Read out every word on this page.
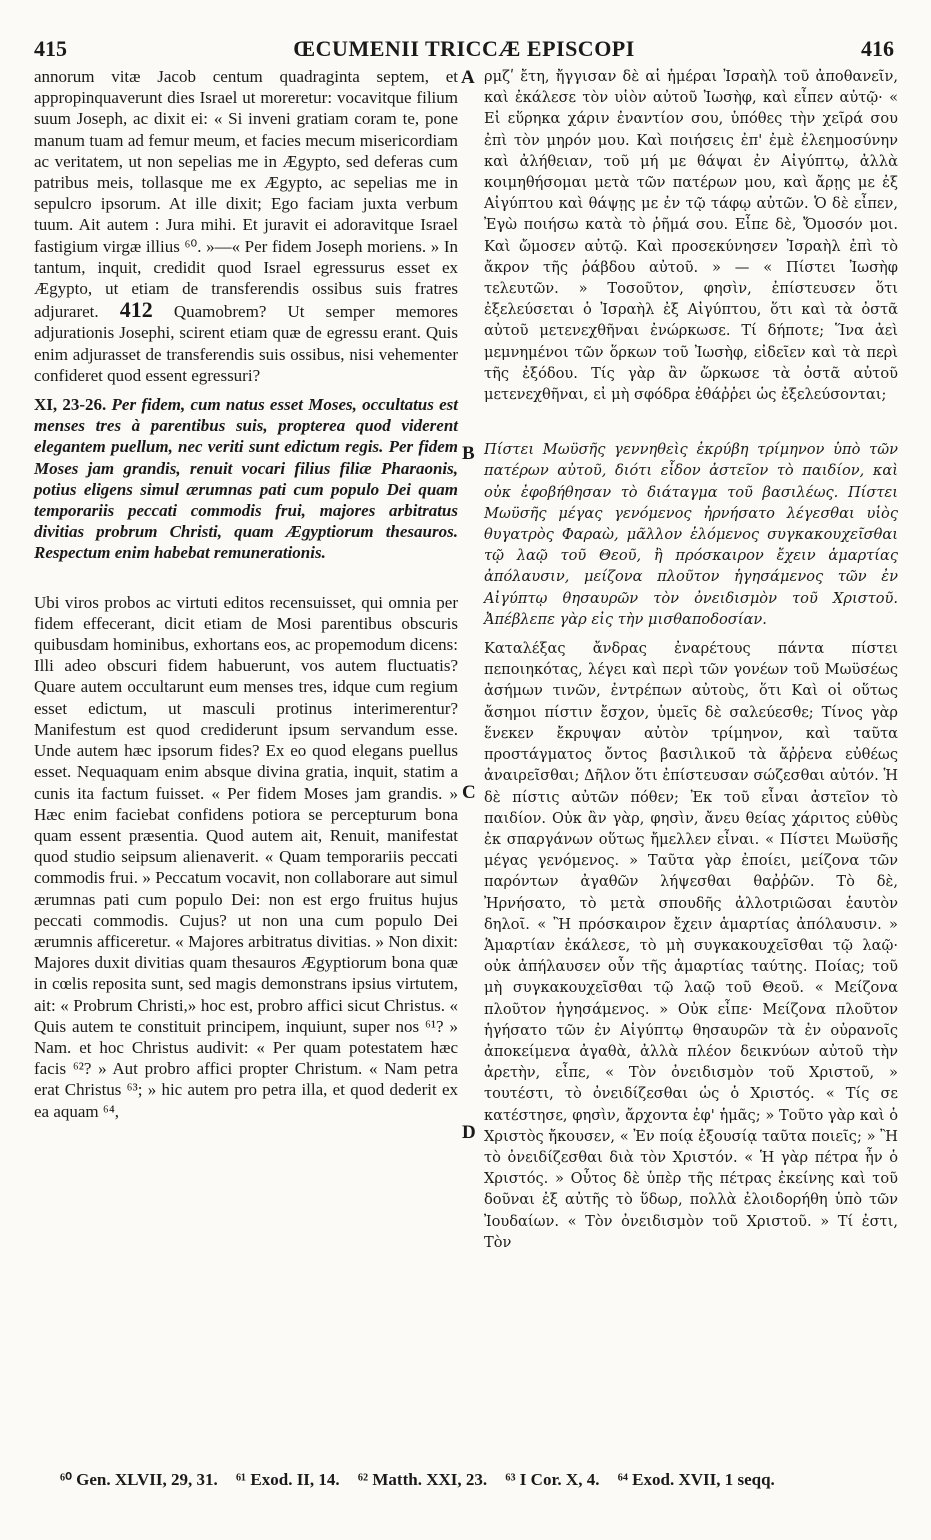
ŒCUMENII TRICCÆ EPISCOPI
415	416

annorum vitæ Jacob centum quadraginta septem, et appropinquaverunt dies Israel ut moreretur: vocavitque filium suum Joseph, ac dixit ei: « Si inveni gratiam coram te, pone manum tuam ad femur meum, et facies mecum misericordiam ac veritatem, ut non sepelias me in Ægypto, sed deferas cum patribus meis, tollasque me ex Ægypto, ac sepelias me in sepulcro ipsorum. At ille dixit; Ego faciam juxta verbum tuum. Ait autem : Jura mihi. Et juravit ei adoravitque Israel fastigium virgæ illius ⁶⁰. »—« Per fidem Joseph moriens. » In tantum, inquit, credidit quod Israel egressurus esset ex Ægypto, ut etiam de transferendis ossibus suis fratres adjuraret. 412 Quamobrem? Ut semper memores adjurationis Josephi, scirent etiam quæ de egressu erant. Quis enim adjurasset de transferendis suis ossibus, nisi vehementer confideret quod essent egressuri?

XI, 23-26. Per fidem, cum natus esset Moses, occultatus est menses tres à parentibus suis, propterea quod viderent elegantem puellum, nec veriti sunt edictum regis. Per fidem Moses jam grandis, renuit vocari filius filiæ Pharaonis, potius eligens simul ærumnas pati cum populo Dei quam temporariis peccati commodis frui, majores arbitratus divitias probrum Christi, quam Ægyptiorum thesauros. Respectum enim habebat remunerationis.

Ubi viros probos ac virtuti editos recensuisset, qui omnia per fidem effecerant, dicit etiam de Mosi parentibus obscuris quibusdam hominibus, exhortans eos, ac propemodum dicens: Illi adeo obscuri fidem habuerunt, vos autem fluctuatis? Quare autem occultarunt eum menses tres, idque cum regium esset edictum, ut masculi protinus interimerentur? Manifestum est quod crediderunt ipsum servandum esse. Unde autem hæc ipsorum fides? Ex eo quod elegans puellus esset. Nequaquam enim absque divina gratia, inquit, statim a cunis ita factum fuisset. « Per fidem Moses jam grandis. » Hæc enim faciebat confidens potiora se percepturum bona quam essent præsentia. Quod autem ait, Renuit, manifestat quod studio seipsum alienaverit. « Quam temporariis peccati commodis frui. » Peccatum vocavit, non collaborare aut simul ærumnas pati cum populo Dei: non est ergo fruitus hujus peccati commodis. Cujus? ut non una cum populo Dei ærumnis afficeretur. « Majores arbitratus divitias. » Non dixit: Majores duxit divitias quam thesauros Ægyptiorum bona quæ in cœlis reposita sunt, sed magis demonstrans ipsius virtutem, ait: « Probrum Christi,» hoc est, probro affici sicut Christus. « Quis autem te constituit principem, inquiunt, super nos ⁶¹? » Nam. et hoc Christus audivit: « Per quam potestatem hæc facis ⁶²? » Aut probro affici propter Christum. « Nam petra erat Christus ⁶³; » hic autem pro petra illa, et quod dederit ex ea aquam ⁶⁴,

A
B
C
D

ρμζʹ ἔτη, ἤγγισαν δὲ αἱ ἡμέραι Ἰσραὴλ τοῦ ἀποθανεῖν, καὶ ἐκάλεσε τὸν υἱὸν αὐτοῦ Ἰωσὴφ, καὶ εἶπεν αὐτῷ· « Εἰ εὕρηκα χάριν ἐναντίον σου, ὑπόθες τὴν χεῖρά σου ἐπὶ τὸν μηρόν μου. Καὶ ποιήσεις ἐπ' ἐμὲ ἐλεημοσύνην καὶ ἀλήθειαν, τοῦ μή με θάψαι ἐν Αἰγύπτῳ, ἀλλὰ κοιμηθήσομαι μετὰ τῶν πατέρων μου, καὶ ἄρῃς με ἐξ Αἰγύπτου καὶ θάψῃς με ἐν τῷ τάφῳ αὐτῶν. Ὁ δὲ εἶπεν, Ἐγὼ ποιήσω κατὰ τὸ ῥῆμά σου. Εἶπε δὲ, Ὄμοσόν μοι. Καὶ ὤμοσεν αὐτῷ. Καὶ προσεκύνησεν Ἰσραὴλ ἐπὶ τὸ ἄκρον τῆς ῥάβδου αὐτοῦ. » — « Πίστει Ἰωσὴφ τελευτῶν. » Τοσοῦτον, φησὶν, ἐπίστευσεν ὅτι ἐξελεύσεται ὁ Ἰσραὴλ ἐξ Αἰγύπτου, ὅτι καὶ τὰ ὀστᾶ αὐτοῦ μετενεχθῆναι ἐνώρκωσε. Τί δήποτε; Ἵνα ἀεὶ μεμνημένοι τῶν ὅρκων τοῦ Ἰωσὴφ, εἰδεῖεν καὶ τὰ περὶ τῆς ἐξόδου. Τίς γὰρ ἂν ὥρκωσε τὰ ὀστᾶ αὐτοῦ μετενεχθῆναι, εἰ μὴ σφόδρα ἐθάῤῥει ὡς ἐξελεύσονται;

Πίστει Μωϋσῆς γεννηθεὶς ἐκρύβη τρίμηνον ὑπὸ τῶν πατέρων αὐτοῦ, διότι εἶδον ἀστεῖον τὸ παιδίον, καὶ οὐκ ἐφοβήθησαν τὸ διάταγμα τοῦ βασιλέως. Πίστει Μωϋσῆς μέγας γενόμενος ἠρνήσατο λέγεσθαι υἱὸς θυγατρὸς Φαραὼ, μᾶλλον ἑλόμενος συγκακουχεῖσθαι τῷ λαῷ τοῦ Θεοῦ, ἢ πρόσκαιρον ἔχειν ἁμαρτίας ἀπόλαυσιν, μείζονα πλοῦτον ἡγησάμενος τῶν ἐν Αἰγύπτῳ θησαυρῶν τὸν ὀνειδισμὸν τοῦ Χριστοῦ. Ἀπέβλεπε γὰρ εἰς τὴν μισθαποδοσίαν.

Καταλέξας ἄνδρας ἐναρέτους πάντα πίστει πεποιηκότας, λέγει καὶ περὶ τῶν γονέων τοῦ Μωϋσέως ἀσήμων τινῶν, ἐντρέπων αὐτοὺς, ὅτι Καὶ οἱ οὕτως ἄσημοι πίστιν ἔσχον, ὑμεῖς δὲ σαλεύεσθε; Τίνος γὰρ ἕνεκεν ἔκρυψαν αὐτὸν τρίμηνον, καὶ ταῦτα προστάγματος ὄντος βασιλικοῦ τὰ ἄῤῥενα εὐθέως ἀναιρεῖσθαι; Δῆλον ὅτι ἐπίστευσαν σώζεσθαι αὐτόν. Ἡ δὲ πίστις αὐτῶν πόθεν; Ἐκ τοῦ εἶναι ἀστεῖον τὸ παιδίον. Οὐκ ἂν γὰρ, φησὶν, ἄνευ θείας χάριτος εὐθὺς ἐκ σπαργάνων οὕτως ἤμελλεν εἶναι. « Πίστει Μωϋσῆς μέγας γενόμενος. » Ταῦτα γὰρ ἐποίει, μείζονα τῶν παρόντων ἀγαθῶν λήψεσθαι θαῤῥῶν. Τὸ δὲ, Ἠρνήσατο, τὸ μετὰ σπουδῆς ἀλλοτριῶσαι ἑαυτὸν δηλοῖ. « Ἢ πρόσκαιρον ἔχειν ἁμαρτίας ἀπόλαυσιν. » Ἁμαρτίαν ἐκάλεσε, τὸ μὴ συγκακουχεῖσθαι τῷ λαῷ· οὐκ ἀπήλαυσεν οὖν τῆς ἁμαρτίας ταύτης. Ποίας; τοῦ μὴ συγκακουχεῖσθαι τῷ λαῷ τοῦ Θεοῦ. « Μείζονα πλοῦτον ἡγησάμενος. » Οὐκ εἶπε· Μείζονα πλοῦτον ἡγήσατο τῶν ἐν Αἰγύπτῳ θησαυρῶν τὰ ἐν οὐρανοῖς ἀποκείμενα ἀγαθὰ, ἀλλὰ πλέον δεικνύων αὐτοῦ τὴν ἀρετὴν, εἶπε, « Τὸν ὀνειδισμὸν τοῦ Χριστοῦ, » τουτέστι, τὸ ὀνειδίζεσθαι ὡς ὁ Χριστός. « Τίς σε κατέστησε, φησὶν, ἄρχοντα ἐφ' ἡμᾶς; » Τοῦτο γὰρ καὶ ὁ Χριστὸς ἤκουσεν, « Ἐν ποίᾳ ἐξουσίᾳ ταῦτα ποιεῖς; » Ἢ τὸ ὀνειδίζεσθαι διὰ τὸν Χριστόν. « Ἡ γὰρ πέτρα ἦν ὁ Χριστός. » Οὗτος δὲ ὑπὲρ τῆς πέτρας ἐκείνης καὶ τοῦ δοῦναι ἐξ αὐτῆς τὸ ὕδωρ, πολλὰ ἐλοιδορήθη ὑπὸ τῶν Ἰουδαίων. « Τὸν ὀνειδισμὸν τοῦ Χριστοῦ. » Τί ἐστι, Τὸν

⁶⁰ Gen. XLVII, 29, 31. ⁶¹ Exod. II, 14. ⁶² Matth. XXI, 23. ⁶³ I Cor. X, 4. ⁶⁴ Exod. XVII, 1 seqq.
